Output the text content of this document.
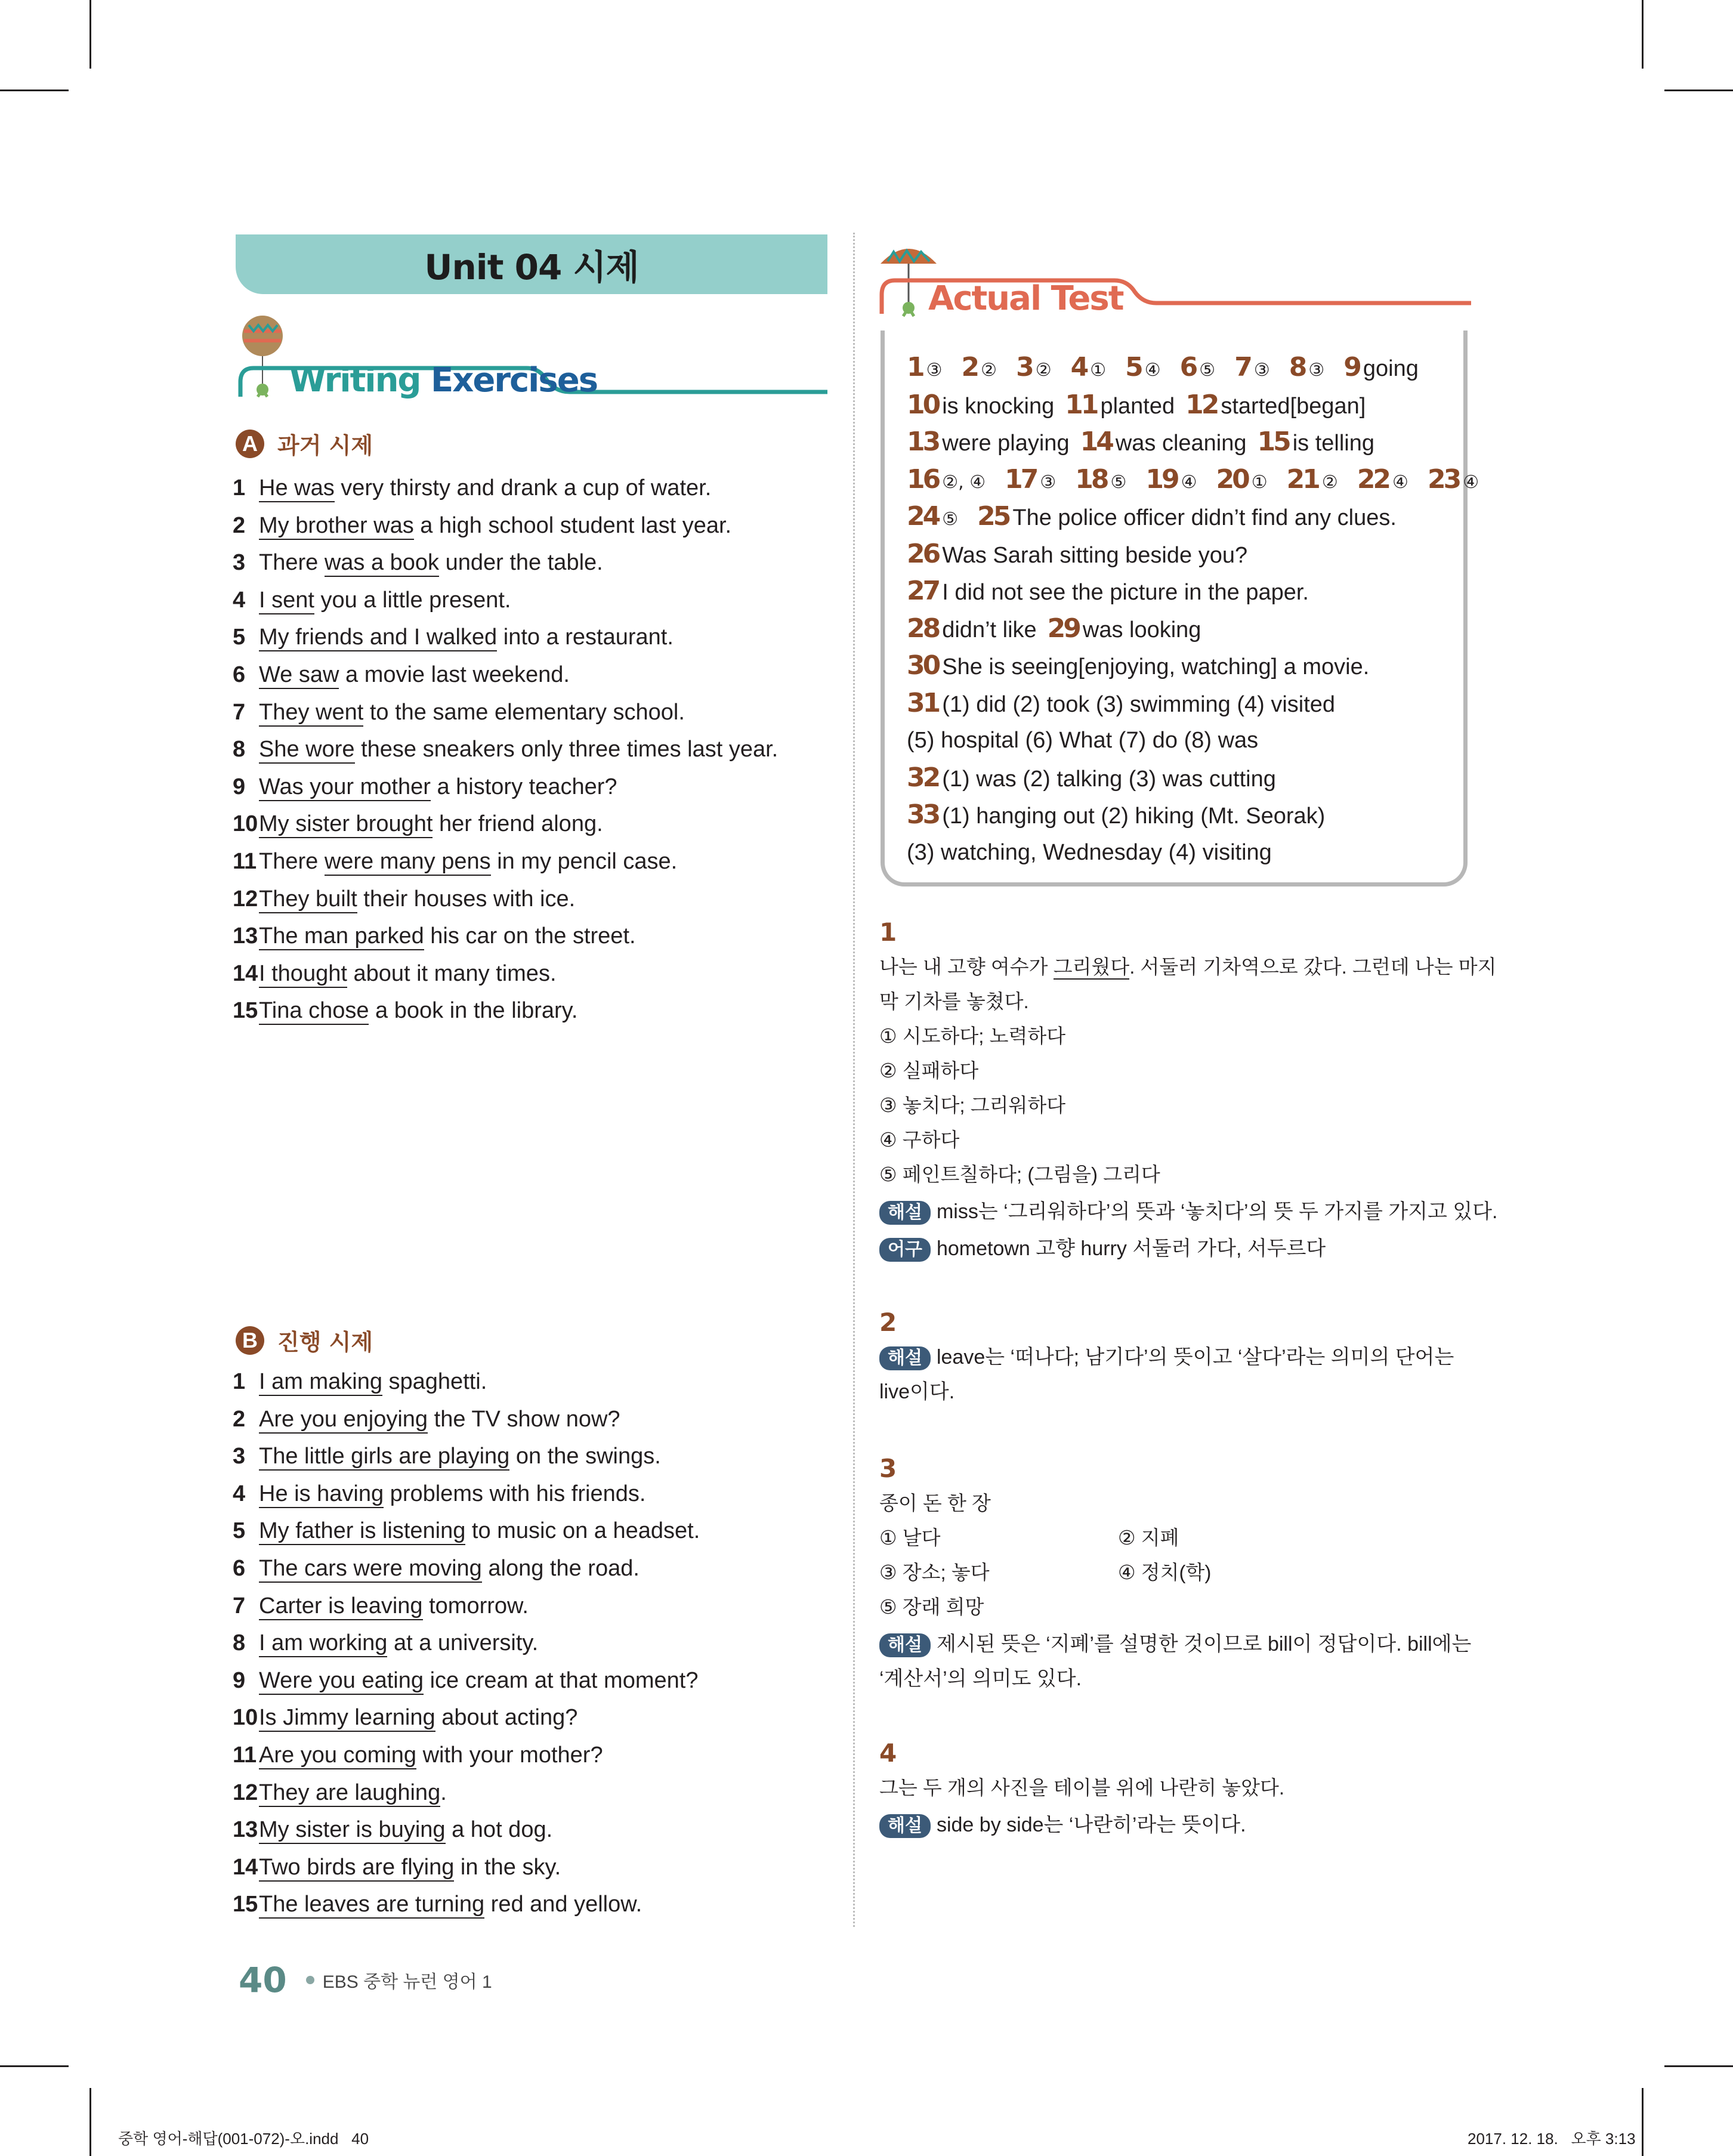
Unit 04 시제
Writing Exercises
A 과거 시제
1 He was very thirsty and drank a cup of water.
2 My brother was a high school student last year.
3 There was a book under the table.
4 I sent you a little present.
5 My friends and I walked into a restaurant.
6 We saw a movie last weekend.
7 They went to the same elementary school.
8 She wore these sneakers only three times last year.
9 Was your mother a history teacher?
10 My sister brought her friend along.
11 There were many pens in my pencil case.
12 They built their houses with ice.
13 The man parked his car on the street.
14 I thought about it many times.
15 Tina chose a book in the library.
B 진행 시제
1 I am making spaghetti.
2 Are you enjoying the TV show now?
3 The little girls are playing on the swings.
4 He is having problems with his friends.
5 My father is listening to music on a headset.
6 The cars were moving along the road.
7 Carter is leaving tomorrow.
8 I am working at a university.
9 Were you eating ice cream at that moment?
10 Is Jimmy learning about acting?
11 Are you coming with your mother?
12 They are laughing.
13 My sister is buying a hot dog.
14 Two birds are flying in the sky.
15 The leaves are turning red and yellow.
Actual Test
1 ③ 2 ② 3 ② 4 ① 5 ④ 6 ⑤ 7 ③ 8 ③ 9 going
10 is knocking 11 planted 12 started[began]
13 were playing 14 was cleaning 15 is telling
16 ②, ④ 17 ③ 18 ⑤ 19 ④ 20 ① 21 ② 22 ④ 23 ④
24 ⑤ 25 The police officer didn’t find any clues.
26 Was Sarah sitting beside you?
27 I did not see the picture in the paper.
28 didn’t like 29 was looking
30 She is seeing[enjoying, watching] a movie.
31 (1) did (2) took (3) swimming (4) visited
(5) hospital (6) What (7) do (8) was
32 (1) was (2) talking (3) was cutting
33 (1) hanging out (2) hiking (Mt. Seorak)
(3) watching, Wednesday (4) visiting
1
나는 내 고향 여수가 그리웠다. 서둘러 기차역으로 갔다. 그런데 나는 마지
막 기차를 놓쳤다.
① 시도하다; 노력하다
② 실패하다
③ 놓치다; 그리워하다
④ 구하다
⑤ 페인트칠하다; (그림을) 그리다
해설 miss는 ‘그리워하다’의 뜻과 ‘놓치다’의 뜻 두 가지를 가지고 있다.
어구 hometown 고향 hurry 서둘러 가다, 서두르다
2
해설 leave는 ‘떠나다; 남기다’의 뜻이고 ‘살다’라는 의미의 단어는
live이다.
3
종이 돈 한 장
① 날다	② 지폐
③ 장소; 놓다	④ 정치(학)
⑤ 장래 희망
해설 제시된 뜻은 ‘지폐’를 설명한 것이므로 bill이 정답이다. bill에는
‘계산서’의 의미도 있다.
4
그는 두 개의 사진을 테이블 위에 나란히 놓았다.
해설 side by side는 ‘나란히’라는 뜻이다.
40 EBS 중학 뉴런 영어 1
중학 영어-해답(001-072)-오.indd   40	2017. 12. 18.   오후 3:13
